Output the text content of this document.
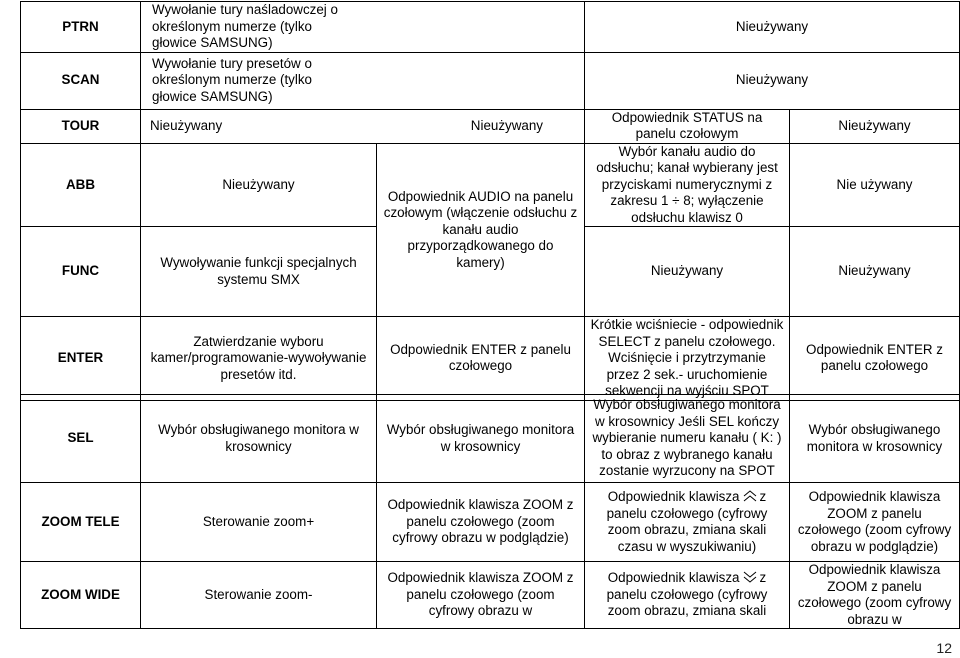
PTRN	Wywołanie tury naśladowczej o określonym numerze (tylko głowice SAMSUNG)		Nieużywany	
SCAN	Wywołanie tury presetów o określonym numerze (tylko głowice SAMSUNG)		Nieużywany	
TOUR	Nieużywany Nieużywany		Odpowiednik STATUS na panelu czołowym	Nieużywany
ABB	Nieużywany	Odpowiednik AUDIO na panelu czołowym (włączenie odsłuchu z kanału audio przyporządkowanego do kamery)	Wybór kanału audio do odsłuchu; kanał wybierany jest przyciskami numerycznymi z zakresu 1 ÷ 8; wyłączenie odsłuchu klawisz 0	Nie używany
FUNC	Wywoływanie funkcji specjalnych systemu SMX		Nieużywany	Nieużywany
ENTER	Zatwierdzanie wyboru kamer/programowanie-wywoływanie presetów itd.	Odpowiednik ENTER z panelu czołowego	Krótkie wciśniecie - odpowiednik SELECT z panelu czołowego. Wciśnięcie i przytrzymanie przez 2 sek.- uruchomienie sekwencji na wyjściu SPOT	Odpowiednik ENTER z panelu czołowego
SEL	Wybór obsługiwanego monitora w krosownicy	Wybór obsługiwanego monitora w krosownicy	Wybór obsługiwanego monitora w krosownicy Jeśli SEL kończy wybieranie numeru kanału ( K: ) to obraz z wybranego kanału zostanie wyrzucony na SPOT	Wybór obsługiwanego monitora w krosownicy
ZOOM TELE	Sterowanie zoom+	Odpowiednik klawisza ZOOM z panelu czołowego (zoom cyfrowy obrazu w podglądzie)	Odpowiednik klawisza z panelu czołowego (cyfrowy zoom obrazu, zmiana skali czasu w wyszukiwaniu)	Odpowiednik klawisza ZOOM z panelu czołowego (zoom cyfrowy obrazu w podglądzie)
ZOOM WIDE	Sterowanie zoom-	Odpowiednik klawisza ZOOM z panelu czołowego (zoom cyfrowy obrazu w	Odpowiednik klawisza z panelu czołowego (cyfrowy zoom obrazu, zmiana skali	Odpowiednik klawisza ZOOM z panelu czołowego (zoom cyfrowy obrazu w
12
